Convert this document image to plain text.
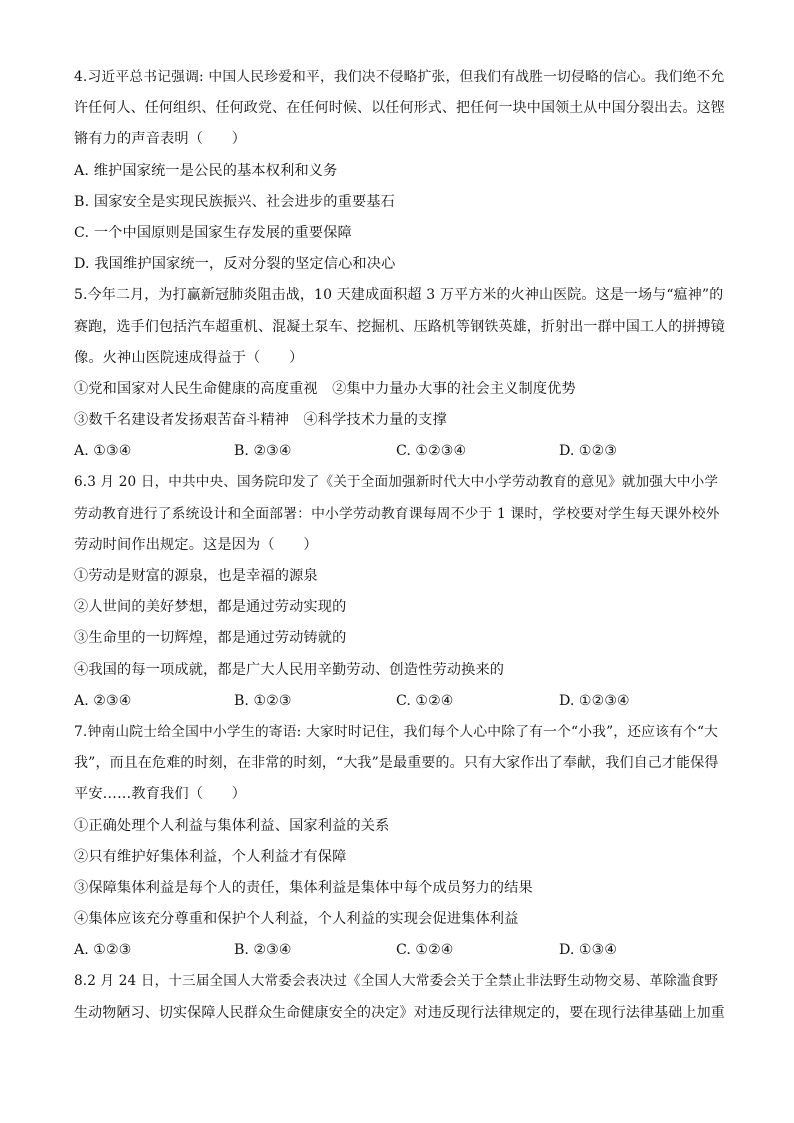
4.习近平总书记强调: 中国人民珍爱和平，我们决不侵略扩张，但我们有战胜一切侵略的信心。我们绝不允
许任何人、任何组织、任何政党、在任何时候、以任何形式、把任何一块中国领土从中国分裂出去。这铿
锵有力的声音表明（　　）
A. 维护国家统一是公民的基本权利和义务
B. 国家安全是实现民族振兴、社会进步的重要基石
C. 一个中国原则是国家生存发展的重要保障
D. 我国维护国家统一，反对分裂的坚定信心和决心
5.今年二月，为打赢新冠肺炎阻击战，10 天建成面积超 3 万平方米的火神山医院。这是一场与“瘟神”的
赛跑，选手们包括汽车超重机、混凝土泵车、挖掘机、压路机等钢铁英雄，折射出一群中国工人的拼搏镜
像。火神山医院速成得益于（　　）
①党和国家对人民生命健康的高度重视　②集中力量办大事的社会主义制度优势
③数千名建设者发扬艰苦奋斗精神　④科学技术力量的支撑
A. ①③④	B. ②③④	C. ①②③④	D. ①②③
6.3 月 20 日，中共中央、国务院印发了《关于全面加强新时代大中小学劳动教育的意见》就加强大中小学
劳动教育进行了系统设计和全面部署：中小学劳动教育课每周不少于 1 课时，学校要对学生每天课外校外
劳动时间作出规定。这是因为（　　）
①劳动是财富的源泉，也是幸福的源泉
②人世间的美好梦想，都是通过劳动实现的
③生命里的一切辉煌，都是通过劳动铸就的
④我国的每一项成就，都是广大人民用辛勤劳动、创造性劳动换来的
A. ②③④	B. ①②③	C. ①②④	D. ①②③④
7.钟南山院士给全国中小学生的寄语: 大家时时记住，我们每个人心中除了有一个“小我”，还应该有个“大
我”，而且在危难的时刻，在非常的时刻，“大我”是最重要的。只有大家作出了奉献，我们自己才能保得
平安……教育我们（　　）
①正确处理个人利益与集体利益、国家利益的关系
②只有维护好集体利益，个人利益才有保障
③保障集体利益是每个人的责任，集体利益是集体中每个成员努力的结果
④集体应该充分尊重和保护个人利益，个人利益的实现会促进集体利益
A. ①②③	B. ②③④	C. ①②④	D. ①③④
8.2 月 24 日，十三届全国人大常委会表决过《全国人大常委会关于全禁止非法野生动物交易、革除滥食野
生动物陋习、切实保障人民群众生命健康安全的决定》对违反现行法律规定的，要在现行法律基础上加重
